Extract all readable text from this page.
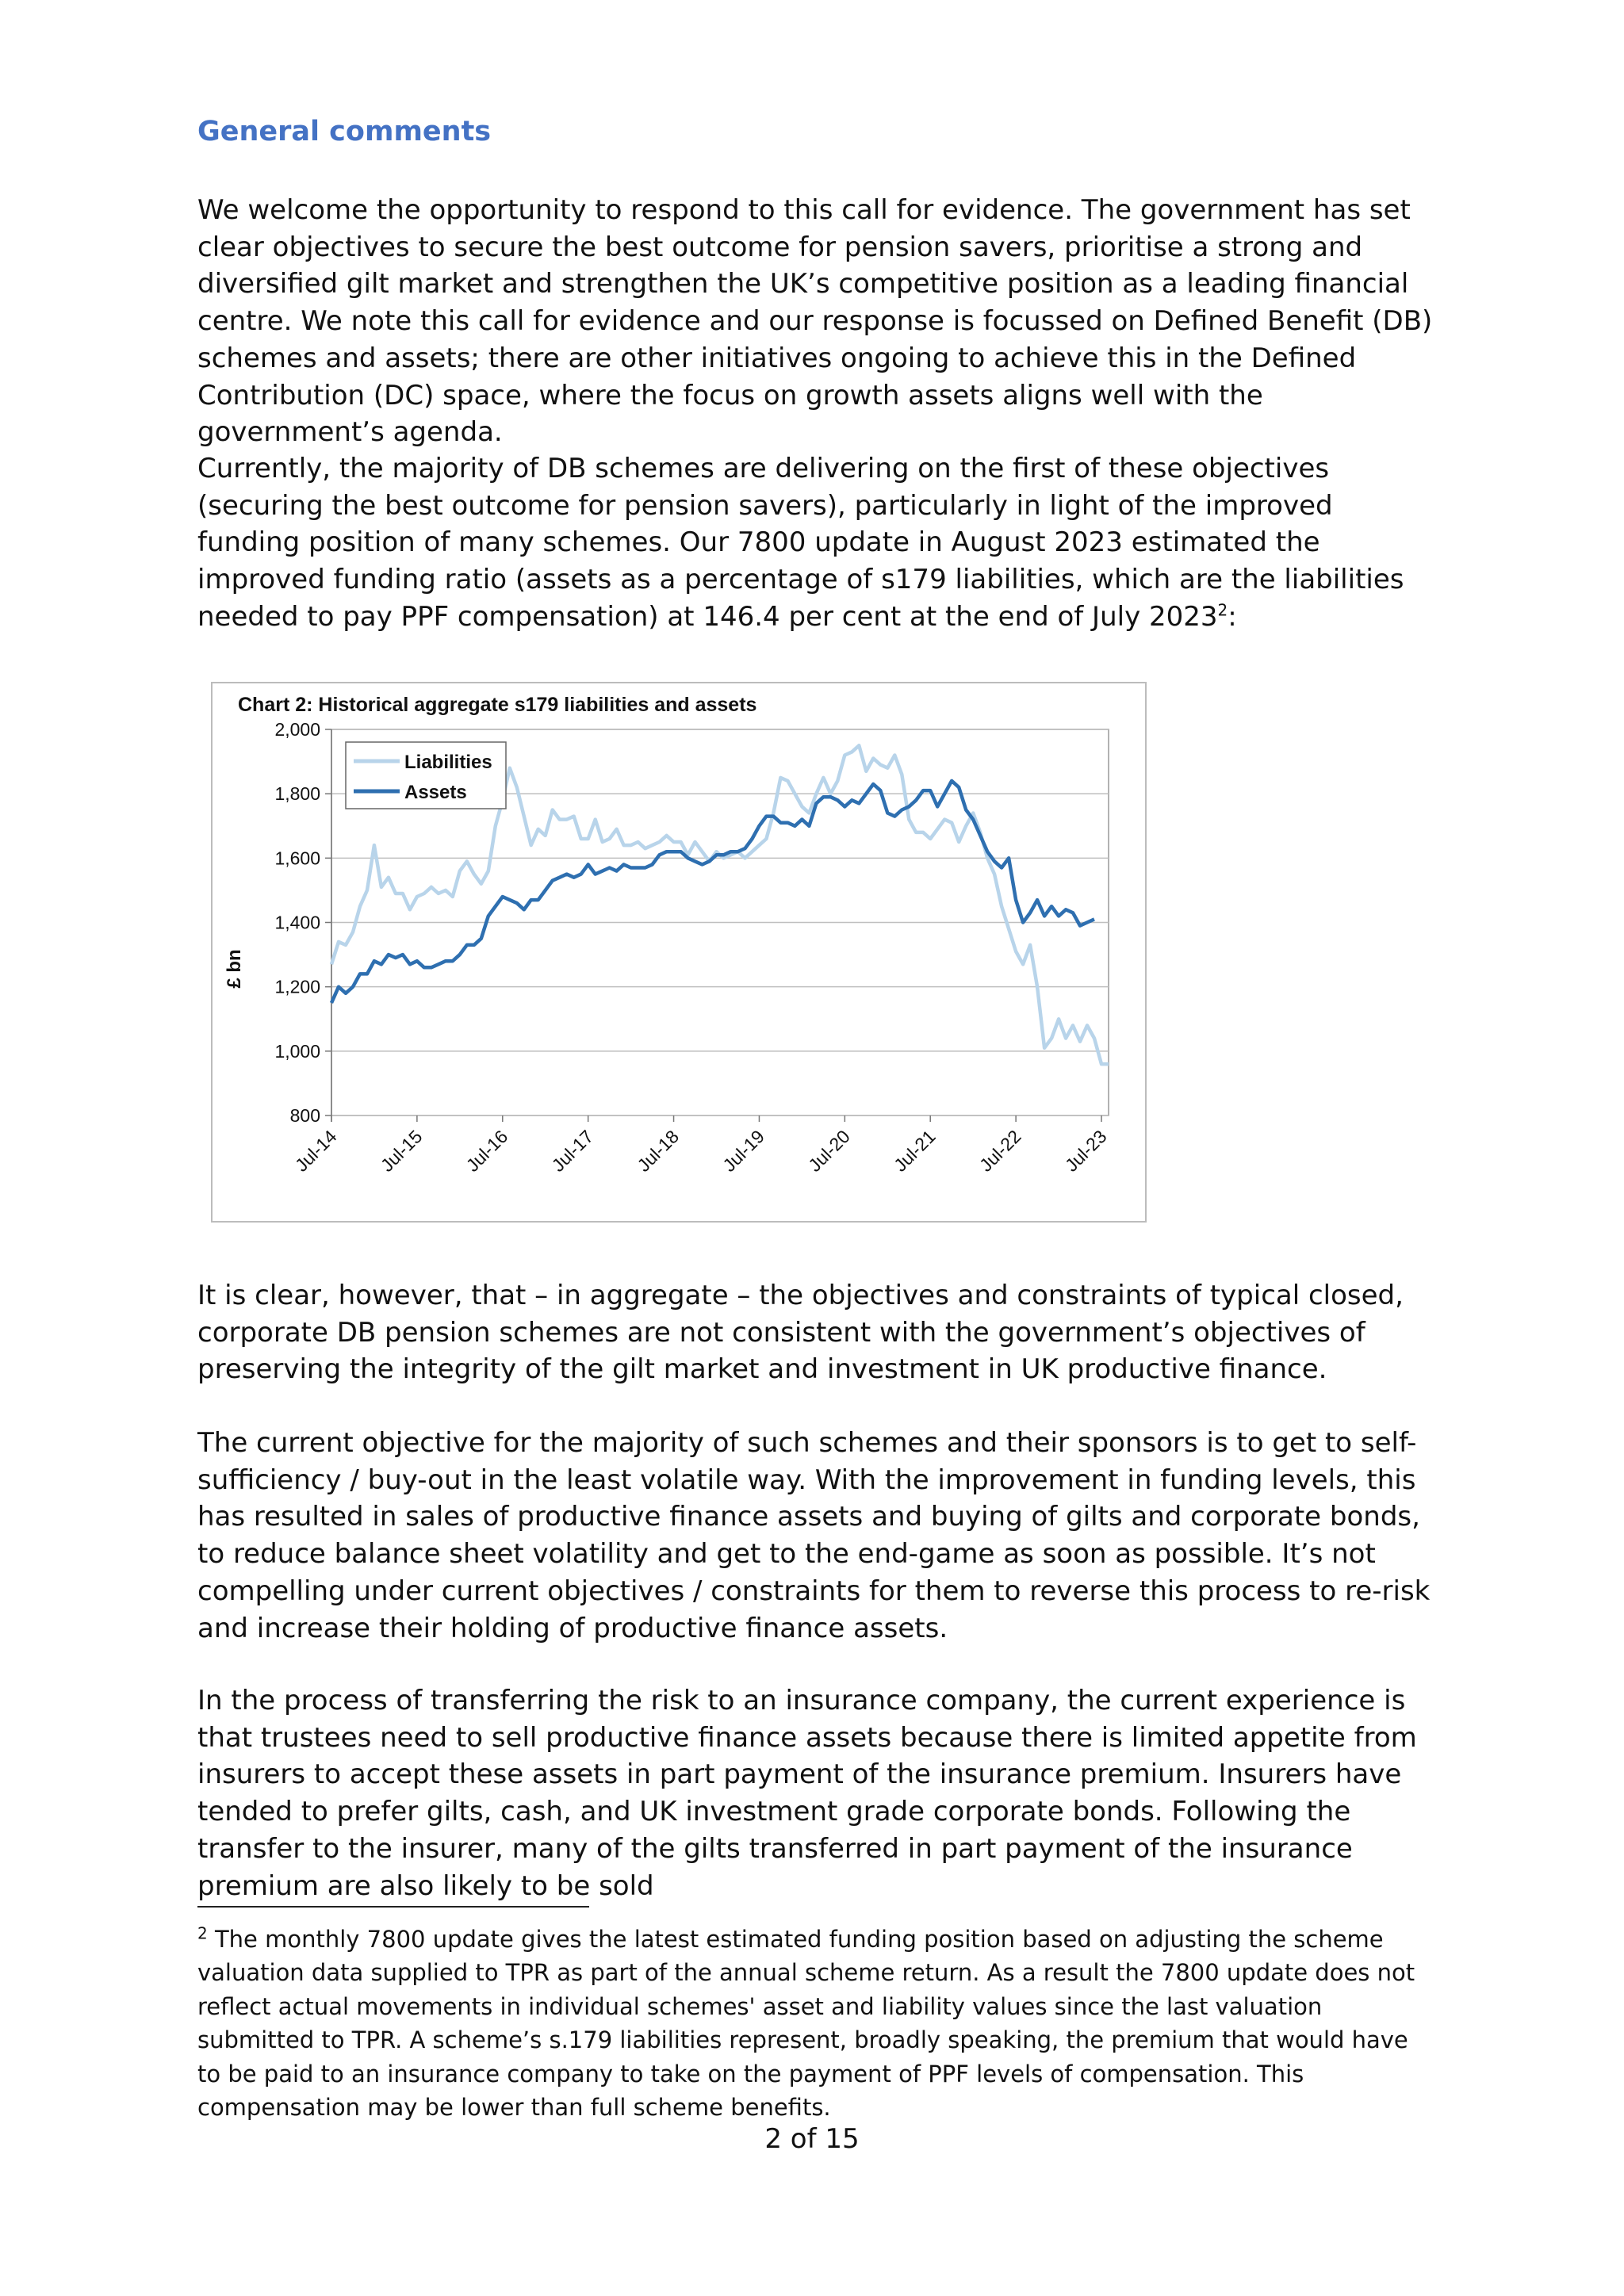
General comments

We welcome the opportunity to respond to this call for evidence. The government has set clear objectives to secure the best outcome for pension savers, prioritise a strong and diversified gilt market and strengthen the UK’s competitive position as a leading financial centre. We note this call for evidence and our response is focussed on Defined Benefit (DB) schemes and assets; there are other initiatives ongoing to achieve this in the Defined Contribution (DC) space, where the focus on growth assets aligns well with the government’s agenda.

Currently, the majority of DB schemes are delivering on the first of these objectives (securing the best outcome for pension savers), particularly in light of the improved funding position of many schemes. Our 7800 update in August 2023 estimated the improved funding ratio (assets as a percentage of s179 liabilities, which are the liabilities needed to pay PPF compensation) at 146.4 per cent at the end of July 2023$^2$:

Chart 2: Historical aggregate s179 liabilities and assets
800
1,000
1,200
1,400
1,600
1,800
2,000
Jul-14 Jul-15 Jul-16 Jul-17 Jul-18 Jul-19 Jul-20 Jul-21 Jul-22 Jul-23
Liabilities
Assets
£ bn

It is clear, however, that – in aggregate – the objectives and constraints of typical closed, corporate DB pension schemes are not consistent with the government’s objectives of preserving the integrity of the gilt market and investment in UK productive finance.

The current objective for the majority of such schemes and their sponsors is to get to self-sufficiency / buy-out in the least volatile way. With the improvement in funding levels, this has resulted in sales of productive finance assets and buying of gilts and corporate bonds, to reduce balance sheet volatility and get to the end-game as soon as possible. It’s not compelling under current objectives / constraints for them to reverse this process to re-risk and increase their holding of productive finance assets.

In the process of transferring the risk to an insurance company, the current experience is that trustees need to sell productive finance assets because there is limited appetite from insurers to accept these assets in part payment of the insurance premium. Insurers have tended to prefer gilts, cash, and UK investment grade corporate bonds. Following the transfer to the insurer, many of the gilts transferred in part payment of the insurance premium are also likely to be sold

$^2$ The monthly 7800 update gives the latest estimated funding position based on adjusting the scheme valuation data supplied to TPR as part of the annual scheme return. As a result the 7800 update does not reflect actual movements in individual schemes' asset and liability values since the last valuation submitted to TPR. A scheme’s s.179 liabilities represent, broadly speaking, the premium that would have to be paid to an insurance company to take on the payment of PPF levels of compensation. This compensation may be lower than full scheme benefits.

2 of 15
